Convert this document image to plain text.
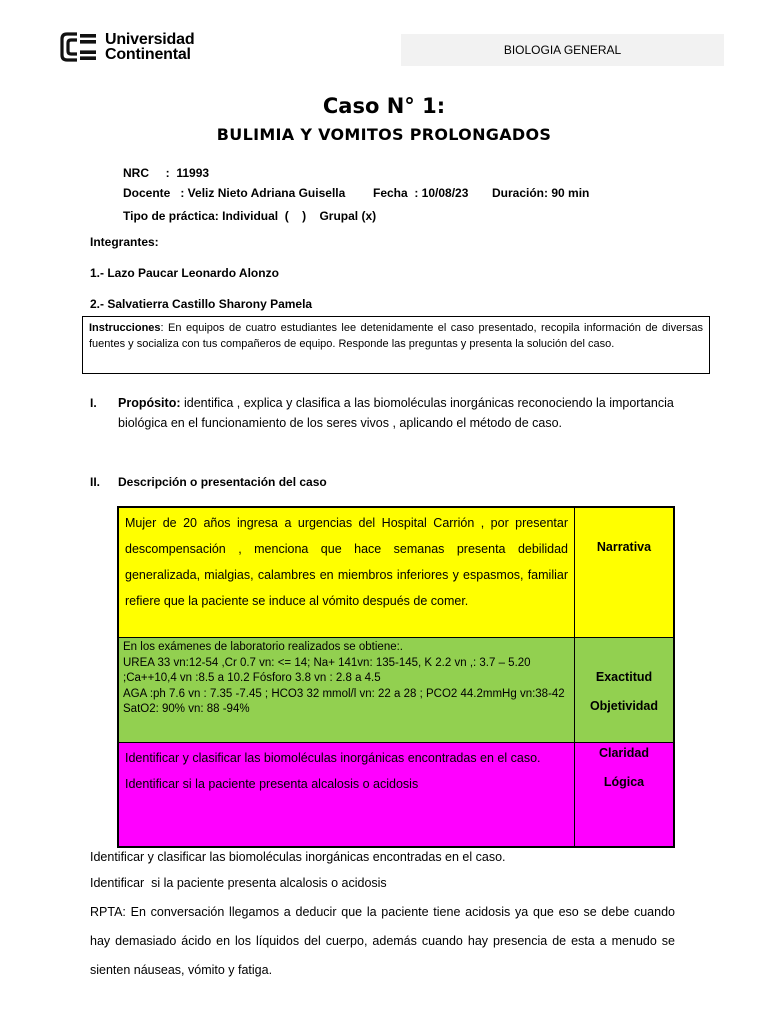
Universidad
Continental	BIOLOGIA GENERAL
Caso N° 1:
BULIMIA Y VOMITOS PROLONGADOS
NRC     :  11993
Docente   : Veliz Nieto Adriana Guisella Fecha  : 10/08/23 Duración: 90 min
Tipo de práctica: Individual  (    )    Grupal (x)
Integrantes:
1.- Lazo Paucar Leonardo Alonzo
2.- Salvatierra Castillo Sharony Pamela
Instrucciones: En equipos de cuatro estudiantes lee detenidamente el caso presentado, recopila información de diversas fuentes y socializa con tus compañeros de equipo. Responde las preguntas y presenta la solución del caso.
I. Propósito: identifica , explica y clasifica a las biomoléculas inorgánicas reconociendo la importancia biológica en el funcionamiento de los seres vivos , aplicando el método de caso.
II. Descripción o presentación del caso
Mujer de 20 años ingresa a urgencias del Hospital Carrión , por presentar descompensación , menciona que hace semanas presenta debilidad generalizada, mialgias, calambres en miembros inferiores y espasmos, familiar refiere que la paciente se induce al vómito después de comer.
Narrativa
En los exámenes de laboratorio realizados se obtiene:.
UREA 33 vn:12-54 ,Cr 0.7 vn: <= 14; Na+ 141vn: 135-145, K 2.2 vn ,: 3.7 – 5.20 ;Ca++10,4 vn :8.5 a 10.2 Fósforo 3.8 vn : 2.8 a 4.5
AGA :ph 7.6 vn : 7.35 -7.45 ; HCO3 32 mmol/l vn: 22 a 28 ; PCO2 44.2mmHg vn:38-42
SatO2: 90% vn: 88 -94%
Exactitud
Objetividad
Identificar y clasificar las biomoléculas inorgánicas encontradas en el caso.
Identificar si la paciente presenta alcalosis o acidosis
Claridad
Lógica
Identificar y clasificar las biomoléculas inorgánicas encontradas en el caso.
Identificar  si la paciente presenta alcalosis o acidosis
RPTA: En conversación llegamos a deducir que la paciente tiene acidosis ya que eso se debe cuando hay demasiado ácido en los líquidos del cuerpo, además cuando hay presencia de esta a menudo se sienten náuseas, vómito y fatiga.
